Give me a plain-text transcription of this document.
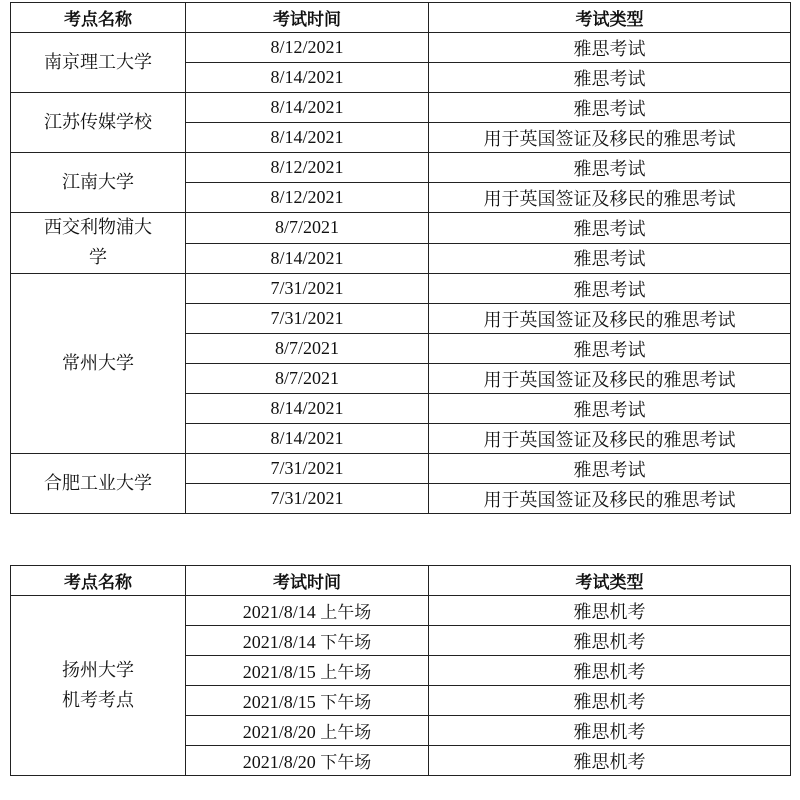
考点名称	考试时间	考试类型
南京理工大学	8/12/2021	雅思考试
	8/14/2021	雅思考试
江苏传媒学校	8/14/2021	雅思考试
	8/14/2021	用于英国签证及移民的雅思考试
江南大学	8/12/2021	雅思考试
	8/12/2021	用于英国签证及移民的雅思考试
西交利物浦大
学	8/7/2021	雅思考试
	8/14/2021	雅思考试
常州大学	7/31/2021	雅思考试
	7/31/2021	用于英国签证及移民的雅思考试
	8/7/2021	雅思考试
	8/7/2021	用于英国签证及移民的雅思考试
	8/14/2021	雅思考试
	8/14/2021	用于英国签证及移民的雅思考试
合肥工业大学	7/31/2021	雅思考试
	7/31/2021	用于英国签证及移民的雅思考试
考点名称	考试时间	考试类型
扬州大学
机考考点	2021/8/14 上午场	雅思机考
	2021/8/14 下午场	雅思机考
	2021/8/15 上午场	雅思机考
	2021/8/15 下午场	雅思机考
	2021/8/20 上午场	雅思机考
	2021/8/20 下午场	雅思机考
